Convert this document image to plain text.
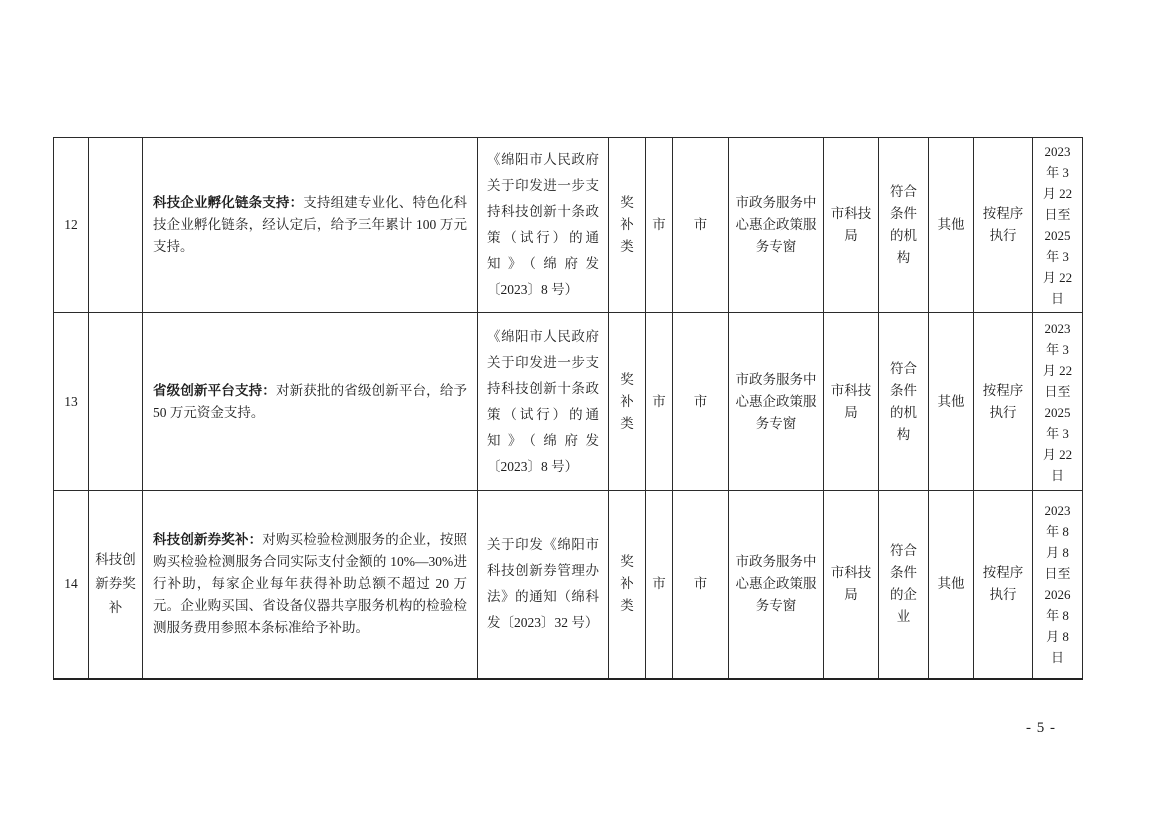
12		科技企业孵化链条支持：支持组建专业化、特色化科技企业孵化链条，经认定后，给予三年累计 100 万元支持。	《绵阳市人民政府关于印发进一步支持科技创新十条政策（试行）的通知》（绵府发〔2023〕8 号）	奖补类	市	市	市政务服务中心惠企政策服务专窗	市科技局	符合条件的机构	其他	按程序执行	2023 年 3 月 22 日至 2025 年 3 月 22 日
13		省级创新平台支持：对新获批的省级创新平台，给予 50 万元资金支持。	《绵阳市人民政府关于印发进一步支持科技创新十条政策（试行）的通知》（绵府发〔2023〕8 号）	奖补类	市	市	市政务服务中心惠企政策服务专窗	市科技局	符合条件的机构	其他	按程序执行	2023 年 3 月 22 日至 2025 年 3 月 22 日
14	科技创新券奖补	科技创新券奖补：对购买检验检测服务的企业，按照购买检验检测服务合同实际支付金额的 10%—30%进行补助，每家企业每年获得补助总额不超过 20 万元。企业购买国、省设备仪器共享服务机构的检验检测服务费用参照本条标准给予补助。	关于印发《绵阳市科技创新券管理办法》的通知（绵科发〔2023〕32 号）	奖补类	市	市	市政务服务中心惠企政策服务专窗	市科技局	符合条件的企业	其他	按程序执行	2023 年 8 月 8 日至 2026 年 8 月 8 日
- 5 -
